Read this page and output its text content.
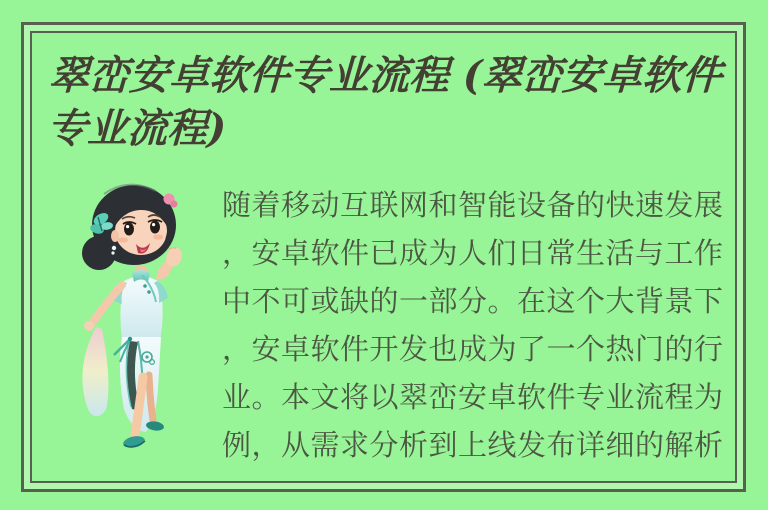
翠峦安卓软件专业流程 (翠峦安卓软件
专业流程)
随着移动互联网和智能设备的快速发展
，安卓软件已成为人们日常生活与工作
中不可或缺的一部分。在这个大背景下
，安卓软件开发也成为了一个热门的行
业。本文将以翠峦安卓软件专业流程为
例，从需求分析到上线发布详细的解析
